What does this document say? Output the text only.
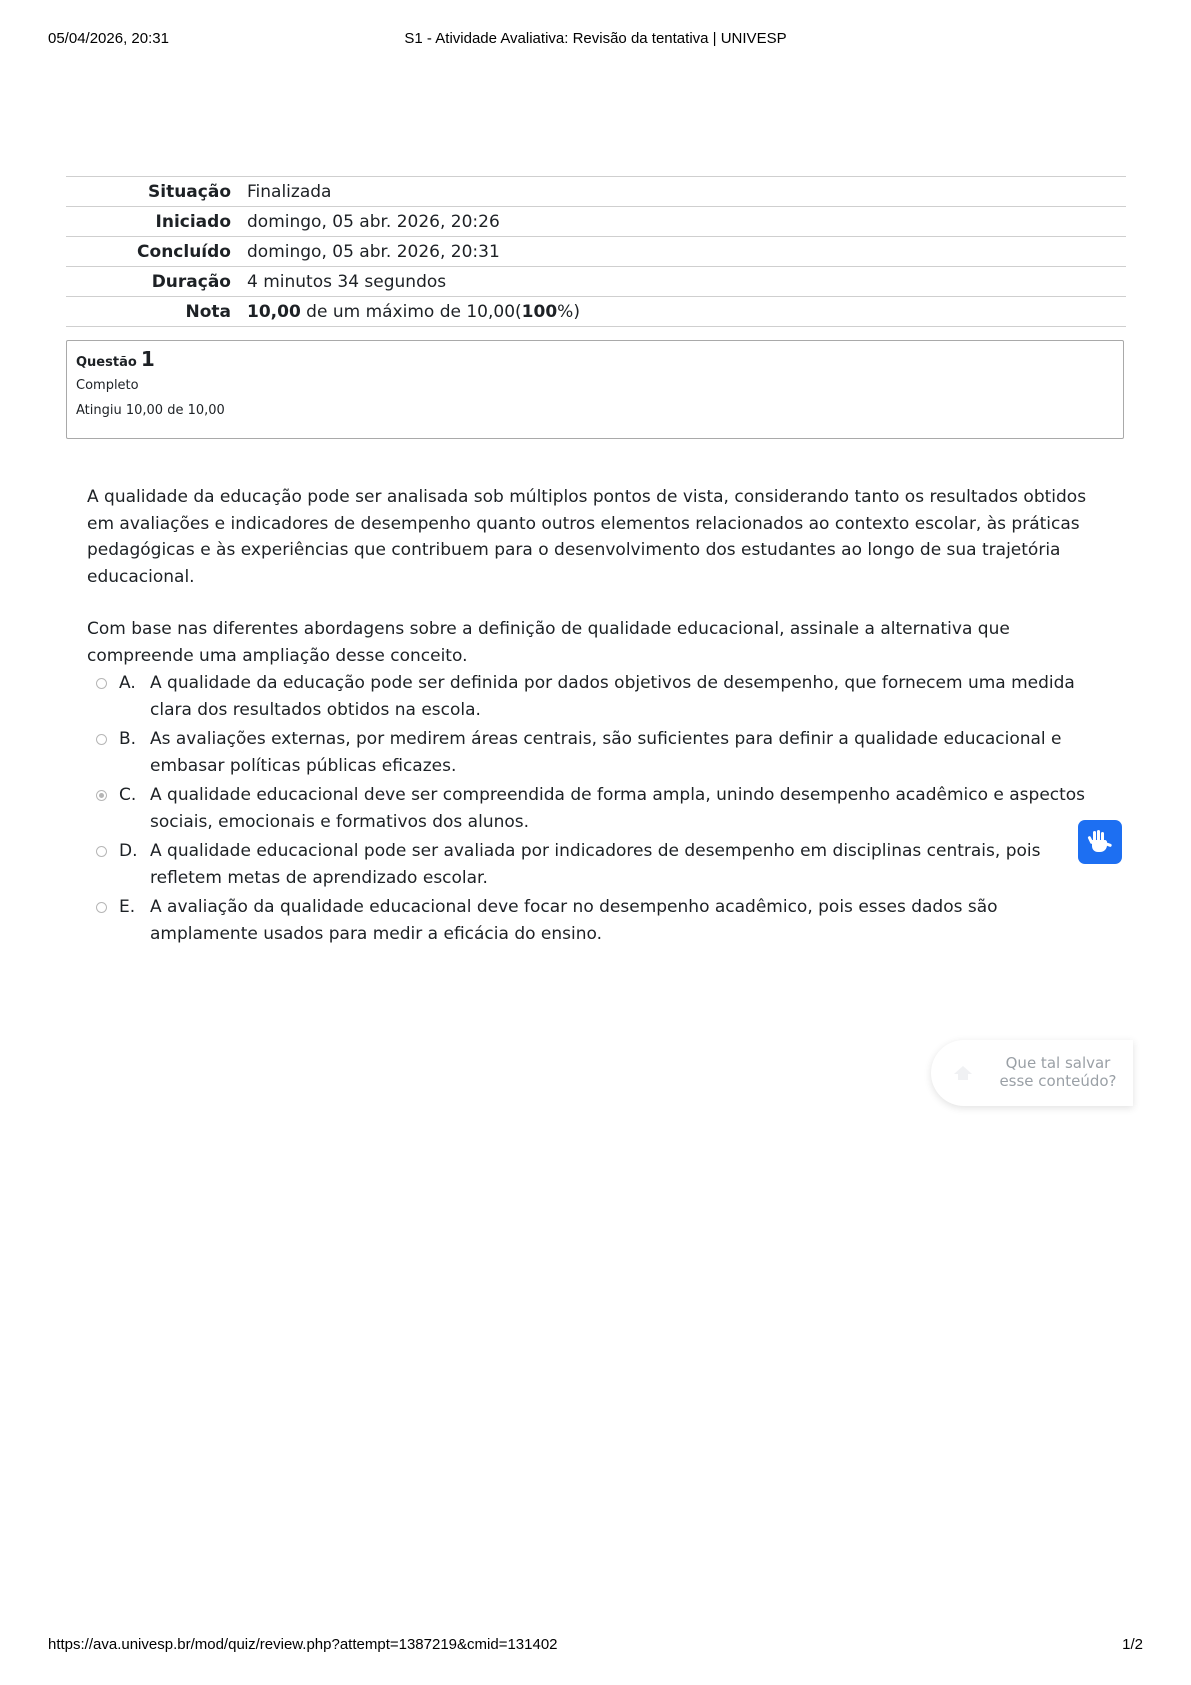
05/04/2026, 20:31	S1 - Atividade Avaliativa: Revisão da tentativa | UNIVESP
Situação	Finalizada
Iniciado	domingo, 05 abr. 2026, 20:26
Concluído	domingo, 05 abr. 2026, 20:31
Duração	4 minutos 34 segundos
Nota	10,00 de um máximo de 10,00(100%)
Questão 1
Completo
Atingiu 10,00 de 10,00

A qualidade da educação pode ser analisada sob múltiplos pontos de vista, considerando tanto os resultados obtidos em avaliações e indicadores de desempenho quanto outros elementos relacionados ao contexto escolar, às práticas pedagógicas e às experiências que contribuem para o desenvolvimento dos estudantes ao longo de sua trajetória educacional.

Com base nas diferentes abordagens sobre a definição de qualidade educacional, assinale a alternativa que compreende uma ampliação desse conceito.

A. A qualidade da educação pode ser definida por dados objetivos de desempenho, que fornecem uma medida clara dos resultados obtidos na escola.
B. As avaliações externas, por medirem áreas centrais, são suficientes para definir a qualidade educacional e embasar políticas públicas eficazes.
C. A qualidade educacional deve ser compreendida de forma ampla, unindo desempenho acadêmico e aspectos sociais, emocionais e formativos dos alunos.
D. A qualidade educacional pode ser avaliada por indicadores de desempenho em disciplinas centrais, pois refletem metas de aprendizado escolar.
E. A avaliação da qualidade educacional deve focar no desempenho acadêmico, pois esses dados são amplamente usados para medir a eficácia do ensino.
Que tal salvar
esse conteúdo?
https://ava.univesp.br/mod/quiz/review.php?attempt=1387219&cmid=131402	1/2
